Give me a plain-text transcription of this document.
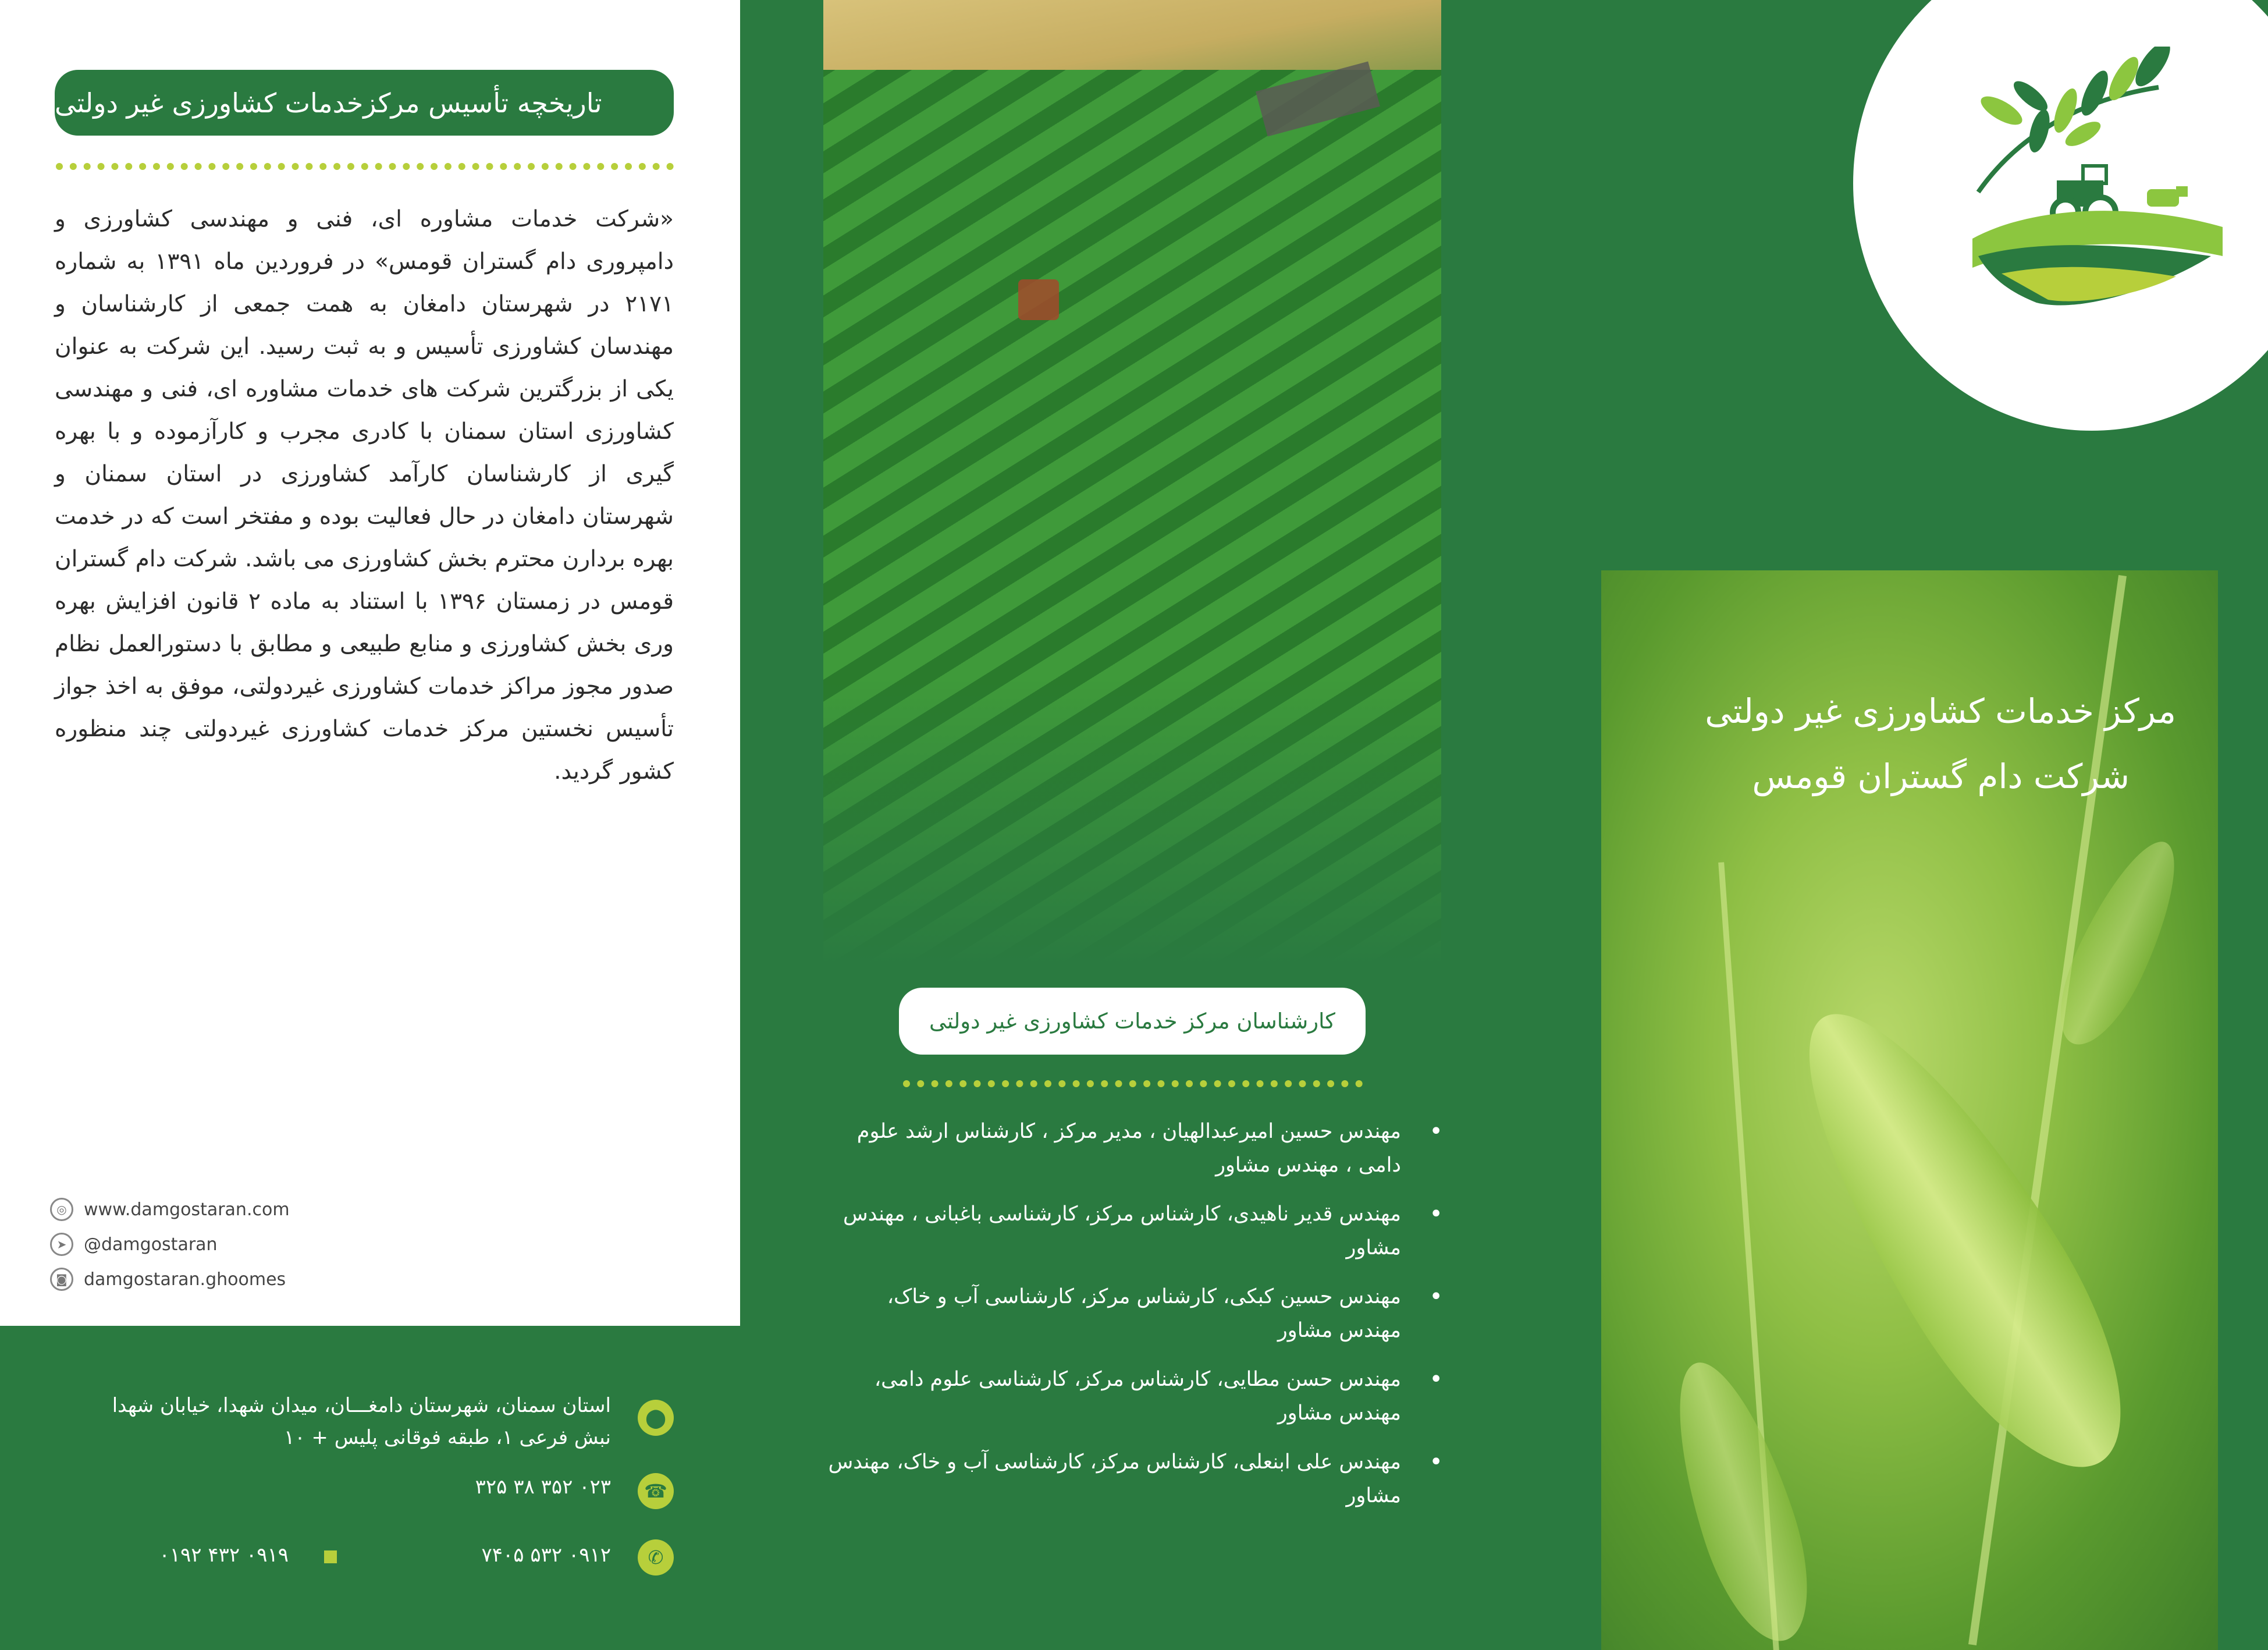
تاریخچه تأسیس مرکزخدمات کشاورزی غیر دولتی
«شرکت خدمات مشاوره ای، فنی و مهندسی کشاورزی و دامپروری دام گستران قومس» در فروردین ماه ۱۳۹۱ به شماره ۲۱۷۱ در شهرستان دامغان به همت جمعی از کارشناسان و مهندسان کشاورزی تأسیس و به ثبت رسید. این شرکت به عنوان یکی از بزرگترین شرکت های خدمات مشاوره ای، فنی و مهندسی کشاورزی استان سمنان با کادری مجرب و کارآزموده و با بهره گیری از کارشناسان کارآمد کشاورزی در استان سمنان و شهرستان دامغان در حال فعالیت بوده و مفتخر است که در خدمت بهره بردارن محترم بخش کشاورزی می باشد. شرکت دام گستران قومس در زمستان ۱۳۹۶ با استناد به ماده ۲ قانون افزایش بهره وری بخش کشاورزی و منابع طبیعی و مطابق با دستورالعمل نظام صدور مجوز مراکز خدمات کشاورزی غیردولتی، موفق به اخذ جواز تأسیس نخستین مرکز خدمات کشاورزی غیردولتی چند منظوره کشور گردید.
◎ www.damgostaran.com
➤ @damgostaran
◙ damgostaran.ghoomes
⬤
استان سمنان، شهرستان دامغـــان، میدان شهدا، خیابان شهدا
نبش فرعی ۱، طبقه فوقانی پلیس + ۱۰
☎
۰۲۳ ۳۵۲ ۳۸ ۳۲۵
✆
۰۹۱۲ ۵۳۲ ۷۴۰۵
۰۹۱۹ ۴۳۲ ۰۱۹۲
کارشناسان مرکز خدمات کشاورزی غیر دولتی
• مهندس حسین امیرعبدالهیان ، مدیر مرکز ، کارشناس ارشد علوم دامی ، مهندس مشاور
• مهندس قدیر ناهیدی، کارشناس مرکز، کارشناسی باغبانی ، مهندس مشاور
• مهندس حسین کبکی، کارشناس مرکز، کارشناسی آب و خاک، مهندس مشاور
• مهندس حسن مطایی، کارشناس مرکز، کارشناسی علوم دامی، مهندس مشاور
• مهندس علی ابنعلی، کارشناس مرکز، کارشناسی آب و خاک، مهندس مشاور
مرکز خدمات کشاورزی غیر دولتی
شرکت دام گستران قومس
